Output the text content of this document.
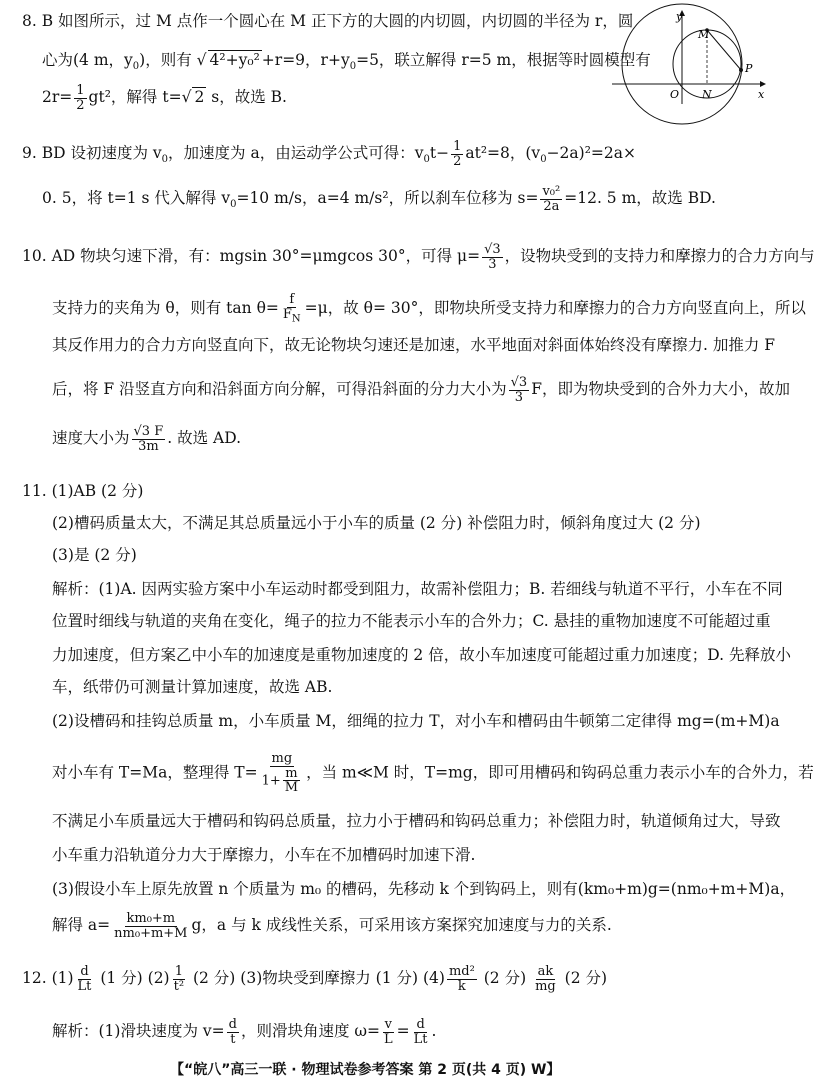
8. B 如图所示，过 M 点作一个圆心在 M 正下方的大圆的内切圆，内切圆的半径为 r，圆
心为(4 m，$y_0$)，则有 √ 4²+y₀² +r=9，$r+y_0=5$，联立解得 r=5 m，根据等时圆模型有
$2r= \frac{1}{2} gt^2$，解得 t=√ 2 s，故选 B.
y
M
P
O N	x
9. BD 设初速度为 $v_0$，加速度为 a，由运动学公式可得：$v_0t- \frac{1}{2} at^2=8$，$(v_0-2a)^2=2a\times$
0. 5，将 t=1 s 代入解得 $v_0=10$ m/s，a=4 m/s²，所以刹车位移为 $s= \frac{\text{v₀²}}{2a} =12$. 5 m，故选 BD.
10. AD 物块匀速下滑，有：mgsin 30°=μmgcos 30°，可得 $\mu= \frac{√3}{3}$ ，设物块受到的支持力和摩擦力的合力方向与
支持力的夹角为 θ，则有 $\tan \theta= \frac{f}{F_N} =\mu$，故 θ= 30°，即物块所受支持力和摩擦力的合力方向竖直向上，所以
其反作用力的合力方向竖直向下，故无论物块匀速还是加速，水平地面对斜面体始终没有摩擦力. 加推力 F
后，将 F 沿竖直方向和沿斜面方向分解，可得沿斜面的分力大小为 $\frac{√3}{3}$ F，即为物块受到的合外力大小，故加
速度大小为 $\frac{√3 F}{3m}$ . 故选 AD.
11. (1)AB (2 分)
(2)槽码质量太大，不满足其总质量远小于小车的质量 (2 分) 补偿阻力时，倾斜角度过大 (2 分)
(3)是 (2 分)
解析：(1)A. 因两实验方案中小车运动时都受到阻力，故需补偿阻力；B. 若细线与轨道不平行，小车在不同
位置时细线与轨道的夹角在变化，绳子的拉力不能表示小车的合外力；C. 悬挂的重物加速度不可能超过重
力加速度，但方案乙中小车的加速度是重物加速度的 2 倍，故小车加速度可能超过重力加速度；D. 先释放小
车，纸带仍可测量计算加速度，故选 AB.
(2)设槽码和挂钩总质量 m，小车质量 M，细绳的拉力 T，对小车和槽码由牛顿第二定律得 mg=(m+M)a
对小车有 T=Ma，整理得 $T= \frac{mg}{1+ \frac{m}{M}}$ ，当 m≪M 时，T=mg，即可用槽码和钩码总重力表示小车的合外力，若
不满足小车质量远大于槽码和钩码总质量，拉力小于槽码和钩码总重力；补偿阻力时，轨道倾角过大，导致
小车重力沿轨道分力大于摩擦力，小车在不加槽码时加速下滑.
(3)假设小车上原先放置 n 个质量为 m₀ 的槽码，先移动 k 个到钩码上，则有(km₀+m)g=(nm₀+m+M)a，
解得 $a= \frac{\text{km₀+m}}{\text{nm₀+m+M}}$ g，a 与 k 成线性关系，可采用该方案探究加速度与力的关系.
12. $(1) \frac{d}{Lt} (1$ 分) $(2) \frac{1}{\text{t²}} (2$ 分) (3)物块受到摩擦力 (1 分) $(4) \frac{\text{md²}}{k} (2$ 分) $\frac{ak}{mg} (2$ 分)
解析：(1)滑块速度为 $v= \frac{d}{t}$ ，则滑块角速度 $\omega= \frac{v}{L} = \frac{d}{Lt}$ .
【“皖八”高三一联 · 物理试卷参考答案 第 2 页(共 4 页) W】
